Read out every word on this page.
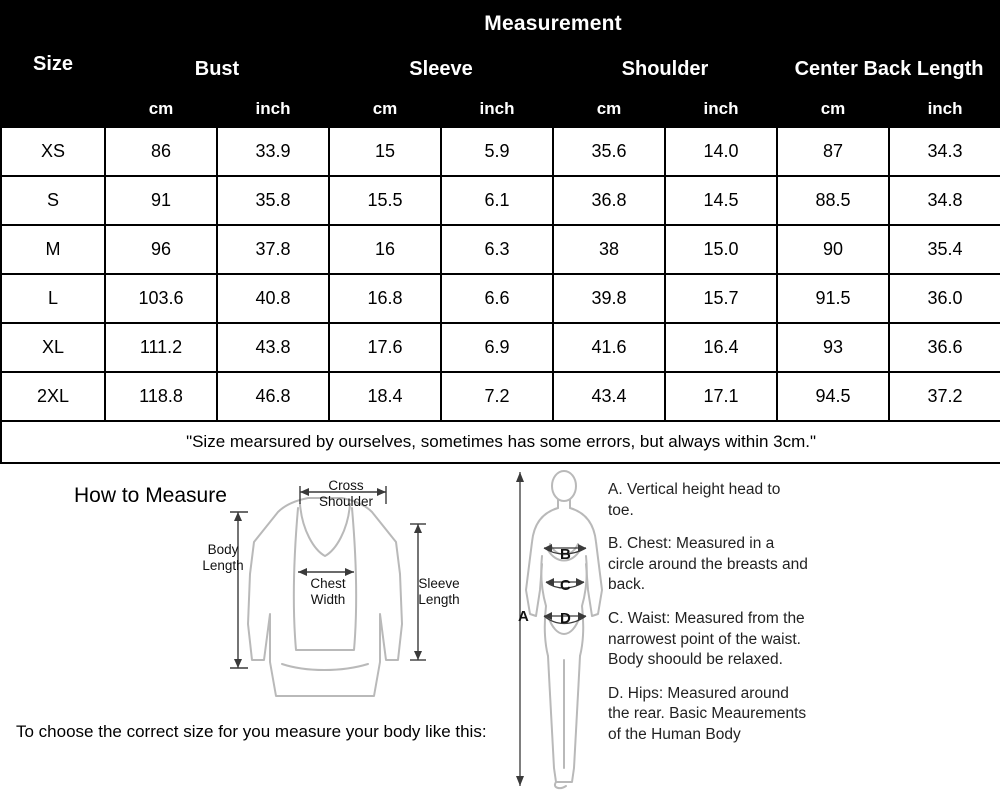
Size	Measurement							
	Bust		Sleeve		Shoulder		Center Back Length	
	cm	inch	cm	inch	cm	inch	cm	inch
XS	86	33.9	15	5.9	35.6	14.0	87	34.3
S	91	35.8	15.5	6.1	36.8	14.5	88.5	34.8
M	96	37.8	16	6.3	38	15.0	90	35.4
L	103.6	40.8	16.8	6.6	39.8	15.7	91.5	36.0
XL	111.2	43.8	17.6	6.9	41.6	16.4	93	36.6
2XL	118.8	46.8	18.4	7.2	43.4	17.1	94.5	37.2
"Size mearsured by ourselves, sometimes has some errors, but always within 3cm."								
How to Measure
To choose the correct size for you measure your body like this:
Cross
Shoulder
Body
Length
Chest
Width
Sleeve
Length
A
B
C
D

A. Vertical height head to toe.

B. Chest: Measured in a circle around the breasts and back.

C. Waist: Measured from the narrowest point of the waist. Body shoould be relaxed.

D. Hips: Measured around the rear. Basic Meaurements of the Human Body
